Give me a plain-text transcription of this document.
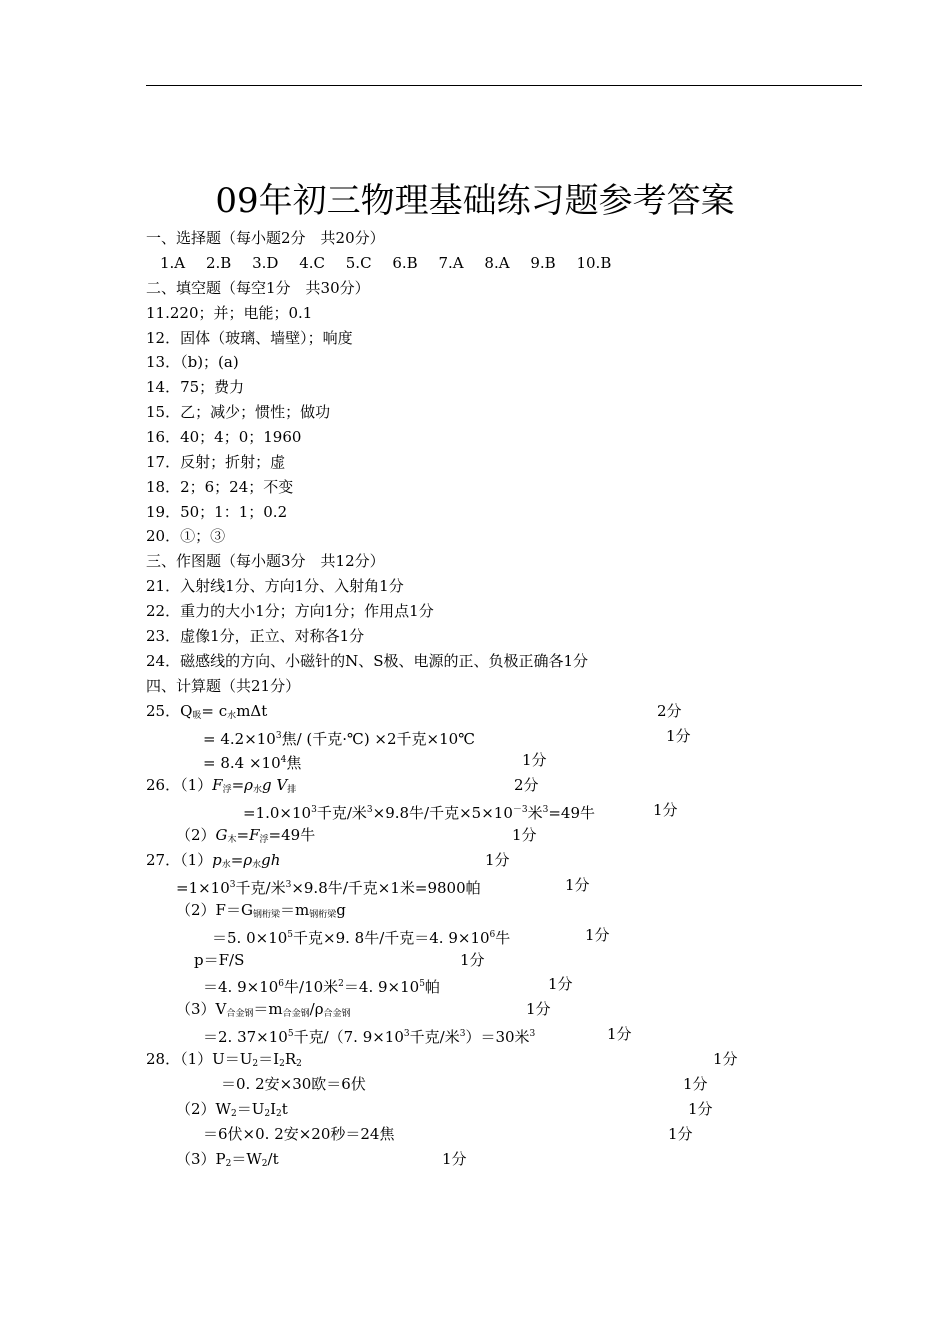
09年初三物理基础练习题参考答案
一、选择题（每小题2分　共20分）
1.A 2.B 3.D 4.C 5.C 6.B 7.A 8.A 9.B 10.B
二、填空题（每空1分　共30分）
11.220；并；电能；0.1
12．固体（玻璃、墙壁）；响度
13．（b)；(a)
14．75；费力
15．乙；减少；惯性；做功
16．40；4；0；1960
17．反射；折射；虚
18．2；6；24；不变
19．50；1：1；0.2
20．①；③
三、作图题（每小题3分　共12分）
21．入射线1分、方向1分、入射角1分
22．重力的大小1分；方向1分；作用点1分
23．虚像1分，正立、对称各1分
24．磁感线的方向、小磁针的N、S极、电源的正、负极正确各1分
四、计算题（共21分）
25．$Q_吸= c_水m\Delta t$	2分
= $4.2\times 10^3$焦/ (千克·℃) ×2千克×10℃	1分
= $8.4 \times 10^4$焦	1分
26．$(1)F_浮=\rho_水g$ $V_排$	2分
$=1.0\times 10^3$千克/米$^3$×9.8牛/千克$\times 5\times 10^{-3}$米$^3$=49牛	1分
$(2)G_木=F_浮=49$牛	1分
27．$(1)p_水=\rho_水gh$	1分
$=1\times 10^3$千克/米$^3$×9.8牛/千克×1米=9800帕	1分
$(2)F=G_{钢桁梁}=m_{钢桁梁}g$
＝5. $0\times 10^5$千克×9. 8牛/千克＝4. $9\times 10^6$牛	1分
p＝F/S	1分
＝4. $9\times 10^6$牛/10米$^2$＝4. $9\times 10^5$帕	1分
$(3)V_{合金钢}=m_{合金钢}/\rho_{合金钢}$	1分
＝2. $37\times 10^5$千克/（7. $9\times 10^3$千克/米$^3$）＝30米$^3$	1分
28．$(1)U=U_2=I_2R_2$	1分
＝0. 2安×30欧＝6伏	1分
$(2)W_2=U_2I_2t$	1分
＝6伏×0. 2安×20秒＝24焦	1分
$(3)P_2=W_2/t$	1分
